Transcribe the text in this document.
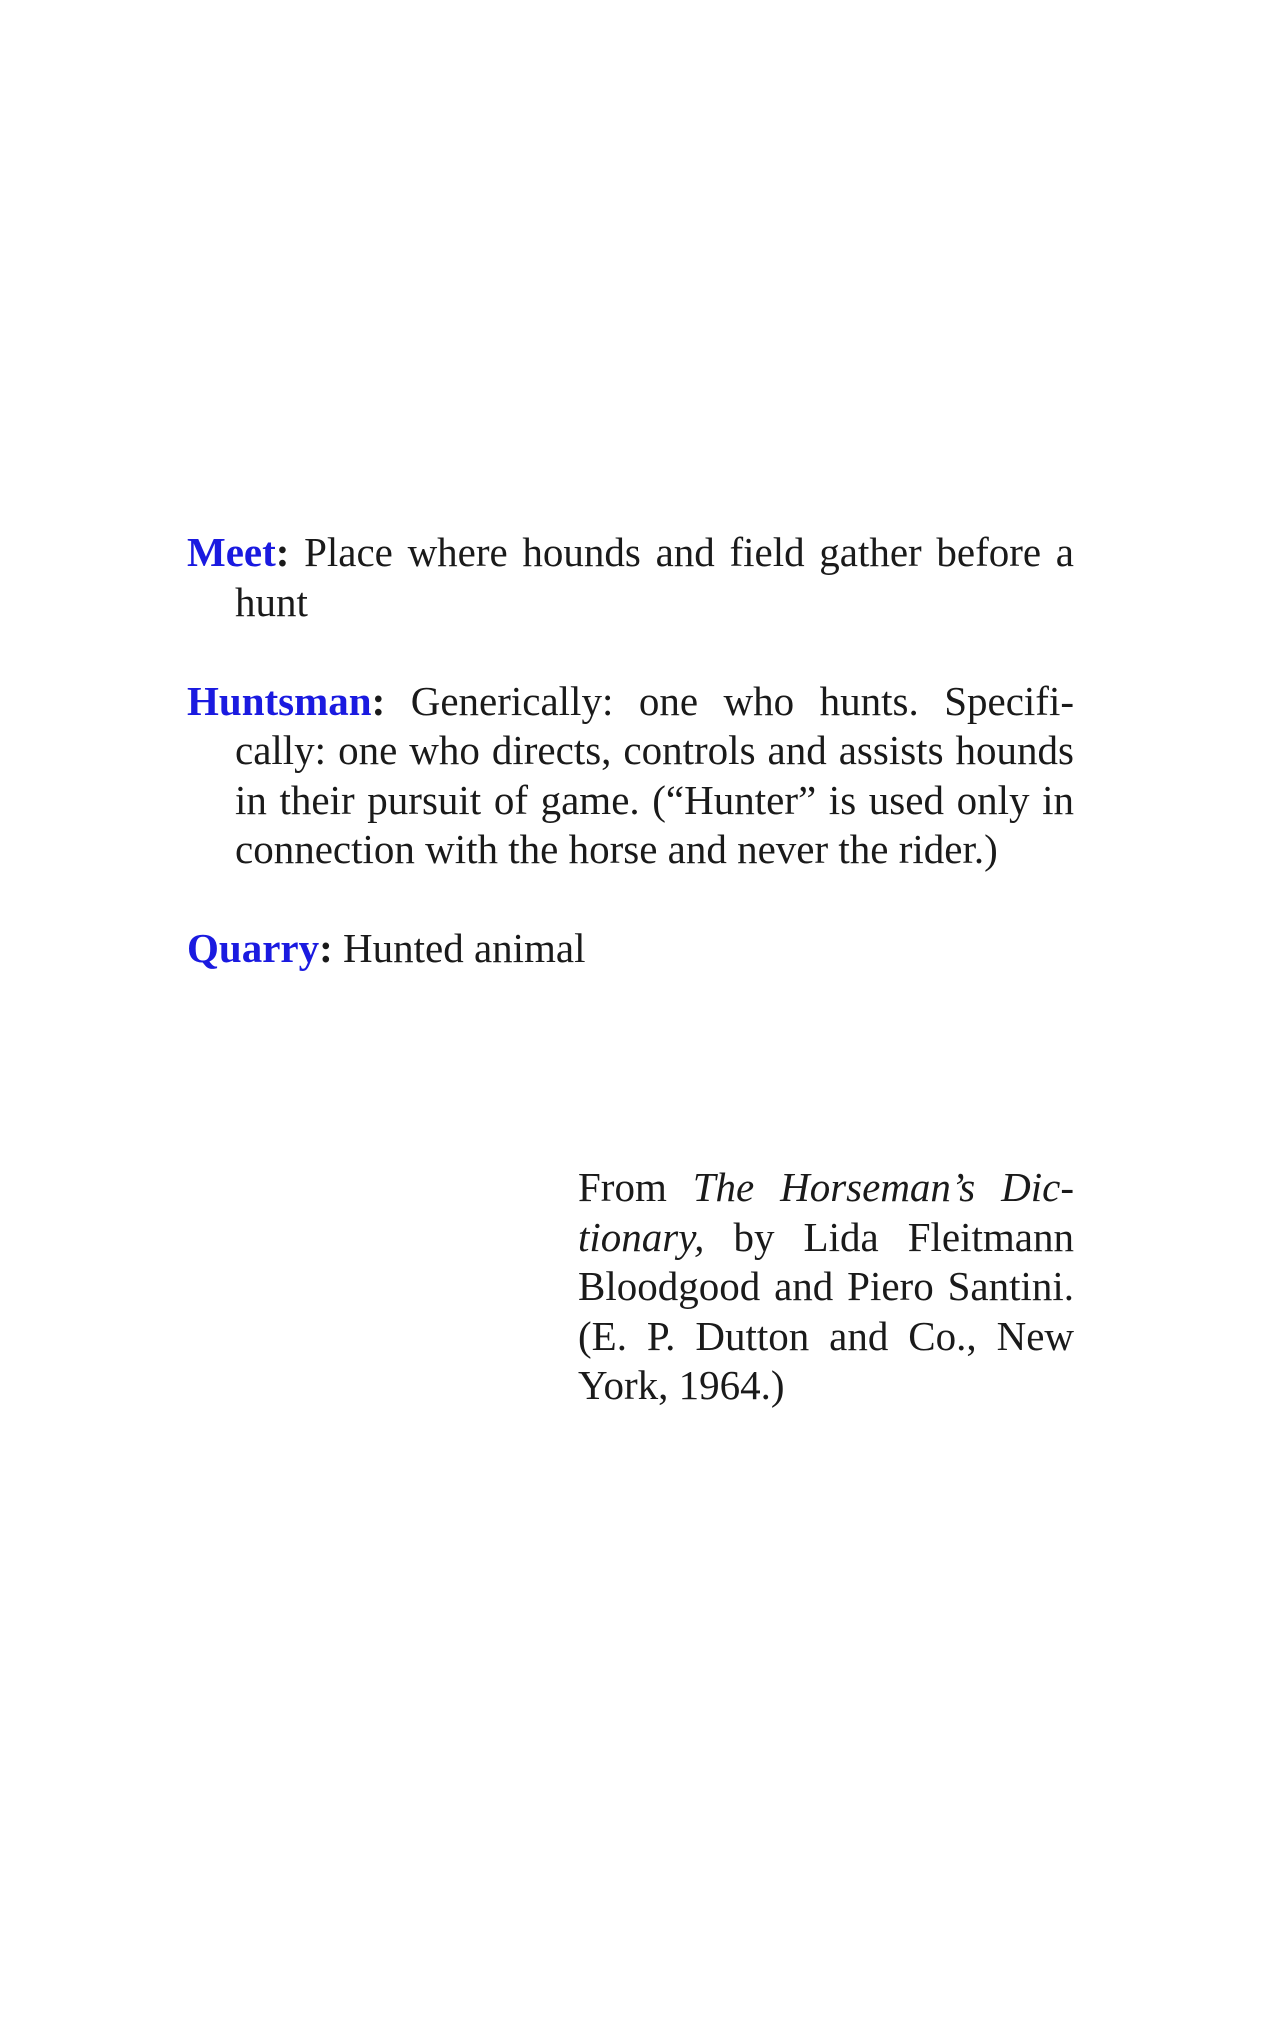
Meet: Place where hounds and field gather before a hunt

Huntsman: Generically: one who hunts. Specifically: one who directs, controls and assists hounds in their pursuit of game. (“Hunter” is used only in connection with the horse and never the rider.)

Quarry: Hunted animal

From The Horseman’s Dictionary, by Lida Fleitmann Bloodgood and Piero Santini. (E. P. Dutton and Co., New York, 1964.)
